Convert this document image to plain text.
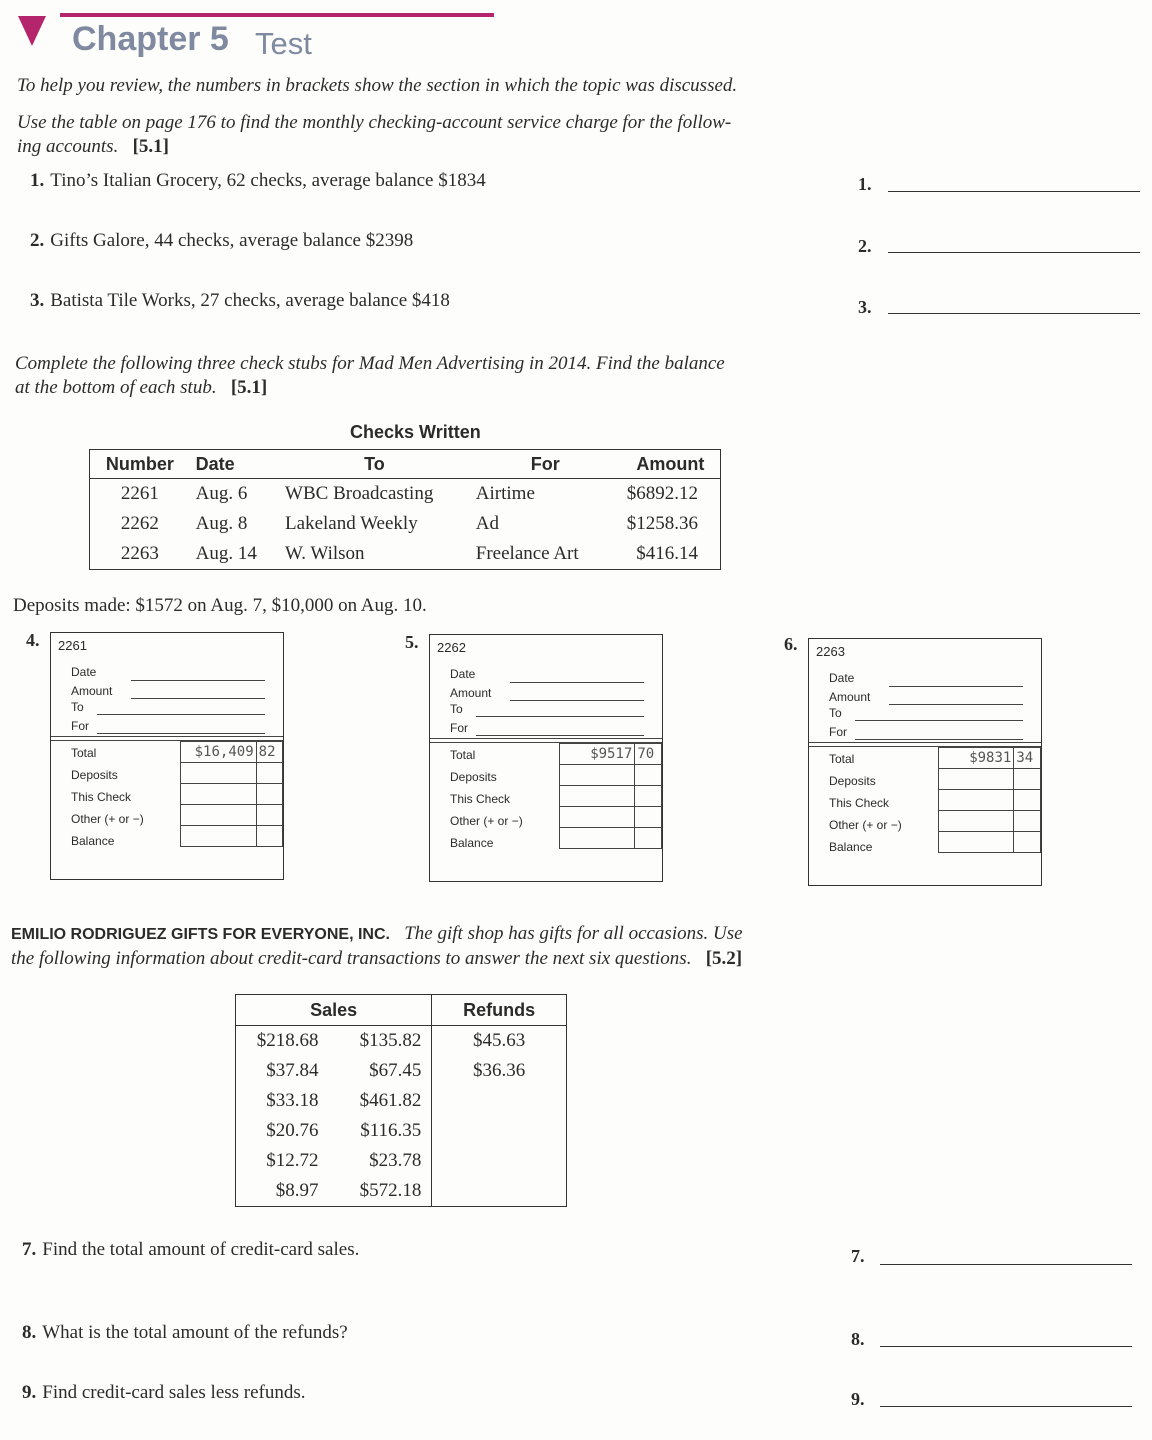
Chapter 5 Test
To help you review, the numbers in brackets show the section in which the topic was discussed.
Use the table on page 176 to find the monthly checking-account service charge for the follow-
ing accounts. [5.1]
1. Tino’s Italian Grocery, 62 checks, average balance $1834
2. Gifts Galore, 44 checks, average balance $2398
3. Batista Tile Works, 27 checks, average balance $418
1.
2.
3.
Complete the following three check stubs for Mad Men Advertising in 2014. Find the balance
at the bottom of each stub. [5.1]
Checks Written
Number	Date	To	For	Amount
2261	Aug. 6	WBC Broadcasting	Airtime	$6892.12
2262	Aug. 8	Lakeland Weekly	Ad	$1258.36
2263	Aug. 14	W. Wilson	Freelance Art	$416.14
Deposits made: $1572 on Aug. 7, $10,000 on Aug. 10.
4. 2261
Date
Amount
To
For
Total
Deposits
This Check
Other (+ or −)
Balance
$16,409	82

5. 2262
Date
Amount
To
For
Total
Deposits
This Check
Other (+ or −)
Balance
$9517	70

6. 2263
Date
Amount
To
For
Total
Deposits
This Check
Other (+ or −)
Balance
$9831	34

EMILIO RODRIGUEZ GIFTS FOR EVERYONE, INC. The gift shop has gifts for all occasions. Use
the following information about credit-card transactions to answer the next six questions. [5.2]
Sales		Refunds
$218.68	$135.82	$45.63
$37.84	$67.45	$36.36
$33.18	$461.82	
$20.76	$116.35	
$12.72	$23.78	
$8.97	$572.18	
7. Find the total amount of credit-card sales.
8. What is the total amount of the refunds?
9. Find credit-card sales less refunds.
7.
8.
9.
